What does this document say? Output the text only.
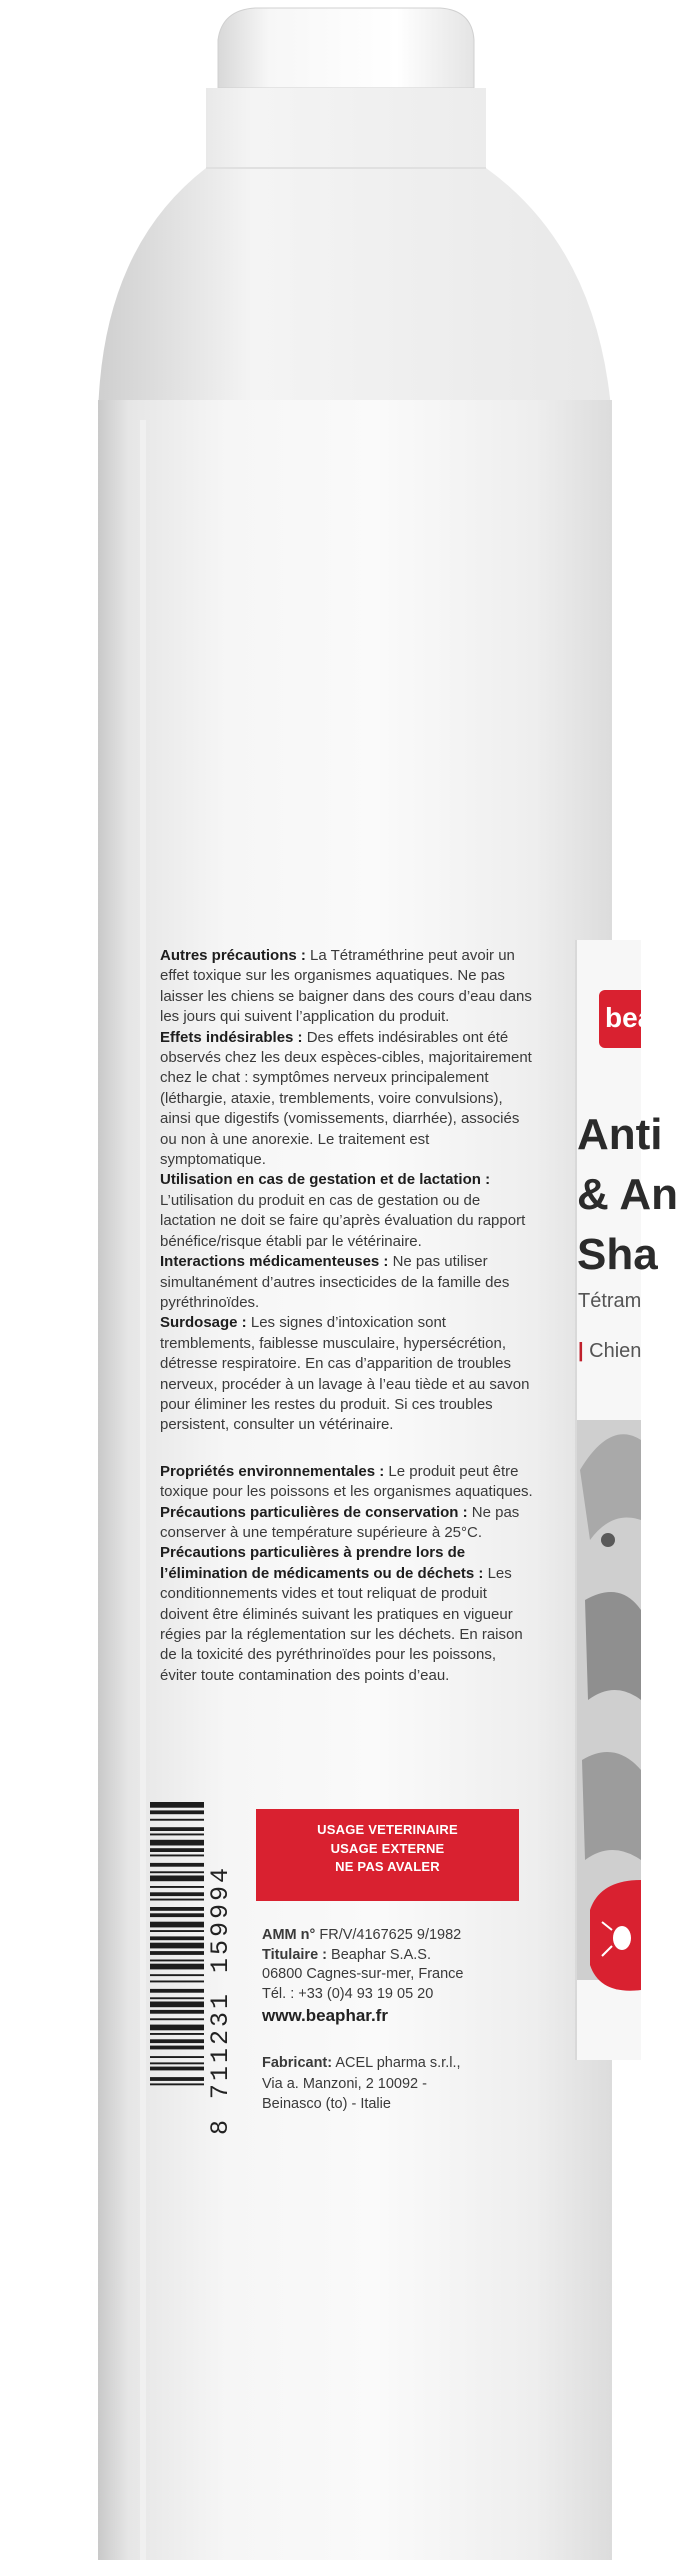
Autres précautions : La Tétraméthrine peut avoir un effet toxique sur les organismes aquatiques. Ne pas laisser les chiens se baigner dans des cours d’eau dans les jours qui suivent l’application du produit.

Effets indésirables : Des effets indésirables ont été observés chez les deux espèces-cibles, majoritairement chez le chat : symptômes nerveux principalement (léthargie, ataxie, tremblements, voire convulsions), ainsi que digestifs (vomissements, diarrhée), associés ou non à une anorexie. Le traitement est symptomatique.

Utilisation en cas de gestation et de lactation : L’utilisation du produit en cas de gestation ou de lactation ne doit se faire qu’après évaluation du rapport bénéfice/risque établi par le vétérinaire.

Interactions médicamenteuses : Ne pas utiliser simultanément d’autres insecticides de la famille des pyréthrinoïdes.

Surdosage : Les signes d’intoxication sont tremblements, faiblesse musculaire, hypersécrétion, détresse respiratoire. En cas d’apparition de troubles nerveux, procéder à un lavage à l’eau tiède et au savon pour éliminer les restes du produit. Si ces troubles persistent, consulter un vétérinaire.

Propriétés environnementales : Le produit peut être toxique pour les poissons et les organismes aquatiques.

Précautions particulières de conservation : Ne pas conserver à une température supérieure à 25°C.

Précautions particulières à prendre lors de l’élimination de médicaments ou de déchets : Les conditionnements vides et tout reliquat de produit doivent être éliminés suivant les pratiques en vigueur régies par la réglementation sur les déchets. En raison de la toxicité des pyréthrinoïdes pour les poissons, éviter toute contamination des points d’eau.

USAGE VETERINAIRE
USAGE EXTERNE
NE PAS AVALER

AMM n° FR/V/4167625 9/1982

Titulaire : Beaphar S.A.S.

06800 Cagnes-sur-mer, France

Tél. : +33 (0)4 93 19 05 20

www.beaphar.fr

Fabricant: ACEL pharma s.r.l.,

Via a. Manzoni, 2 10092 -

Beinasco (to) - Italie

8 711231 159994
bea
Anti
& An
Sha
Tétram
| Chien
